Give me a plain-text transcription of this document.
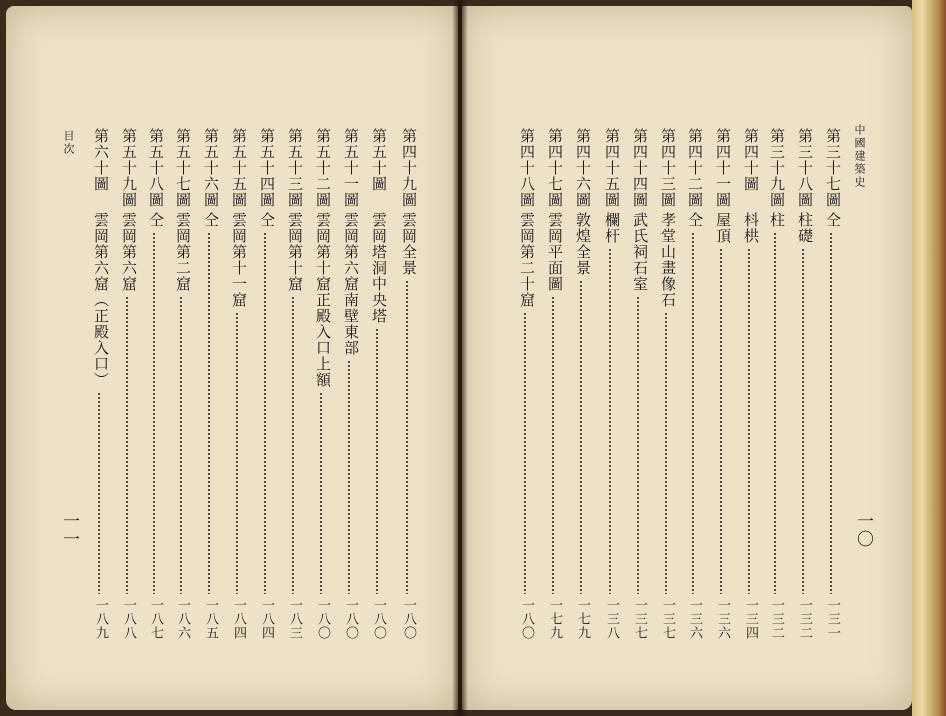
目次
一一
中國建築史
一〇
第四十九圖
雲岡全景
一八〇
第五十圖
雲岡塔洞中央塔
一八〇
第五十一圖
雲岡第六窟南壁東部
一八〇
第五十二圖
雲岡第十窟正殿入口上額
一八〇
第五十三圖
雲岡第十窟
一八三
第五十四圖
仝
一八四
第五十五圖
雲岡第十一窟
一八四
第五十六圖
仝
一八五
第五十七圖
雲岡第二窟
一八六
第五十八圖
仝
一八七
第五十九圖
雲岡第六窟
一八八
第六十圖
雲岡第六窟（正殿入口）
一八九
第三十七圖
仝
一三一
第三十八圖
柱礎
一三二
第三十九圖
柱
一三二
第四十圖
枓栱
一三四
第四十一圖
屋頂
一三六
第四十二圖
仝
一三六
第四十三圖
孝堂山畫像石
一三七
第四十四圖
武氏祠石室
一三七
第四十五圖
欄杆
一三八
第四十六圖
敦煌全景
一七九
第四十七圖
雲岡平面圖
一七九
第四十八圖
雲岡第二十窟
一八〇
